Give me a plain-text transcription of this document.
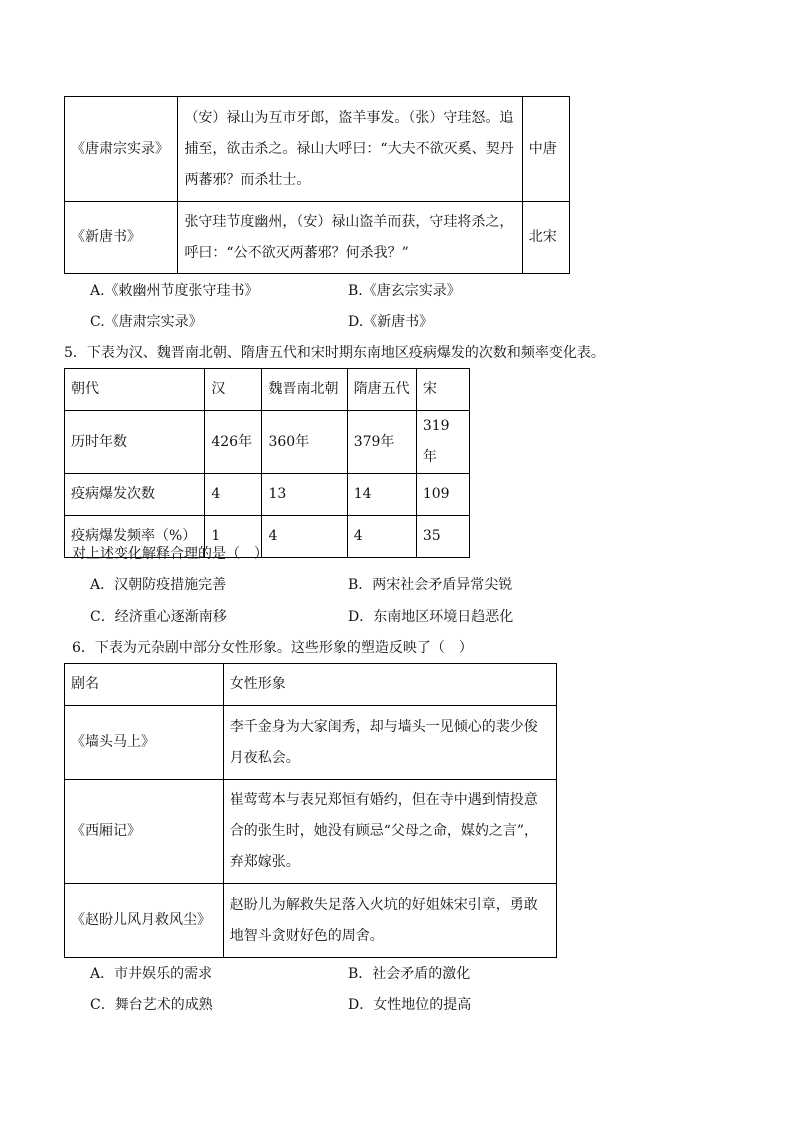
《唐肃宗实录》	（安）禄山为互市牙郎，盗羊事发。（张）守珪怒。追捕至，欲击杀之。禄山大呼曰：“大夫不欲灭奚、契丹两蕃邪？而杀壮士。	中唐
《新唐书》	张守珪节度幽州，（安）禄山盗羊而获，守珪将杀之，呼曰：“公不欲灭两蕃邪？何杀我？”	北宋
A.《敕幽州节度张守珪书》	B.《唐玄宗实录》
C.《唐肃宗实录》	D.《新唐书》
5．下表为汉、魏晋南北朝、隋唐五代和宋时期东南地区疫病爆发的次数和频率变化表。
朝代	汉	魏晋南北朝	隋唐五代	宋
历时年数	426年	360年	379年	319年
疫病爆发次数	4	13	14	109
疫病爆发频率（%）	1	4	4	35
对上述变化解释合理的是（　）
A．汉朝防疫措施完善	B．两宋社会矛盾异常尖锐
C．经济重心逐渐南移	D．东南地区环境日趋恶化
6．下表为元杂剧中部分女性形象。这些形象的塑造反映了（　）
剧名	女性形象
《墙头马上》	李千金身为大家闺秀，却与墙头一见倾心的裴少俊月夜私会。
《西厢记》	崔莺莺本与表兄郑恒有婚约，但在寺中遇到情投意合的张生时，她没有顾忌“父母之命，媒妁之言”，弃郑嫁张。
《赵盼儿风月救风尘》	赵盼儿为解救失足落入火坑的好姐妹宋引章，勇敢地智斗贪财好色的周舍。
A．市井娱乐的需求	B．社会矛盾的激化
C．舞台艺术的成熟	D．女性地位的提高
